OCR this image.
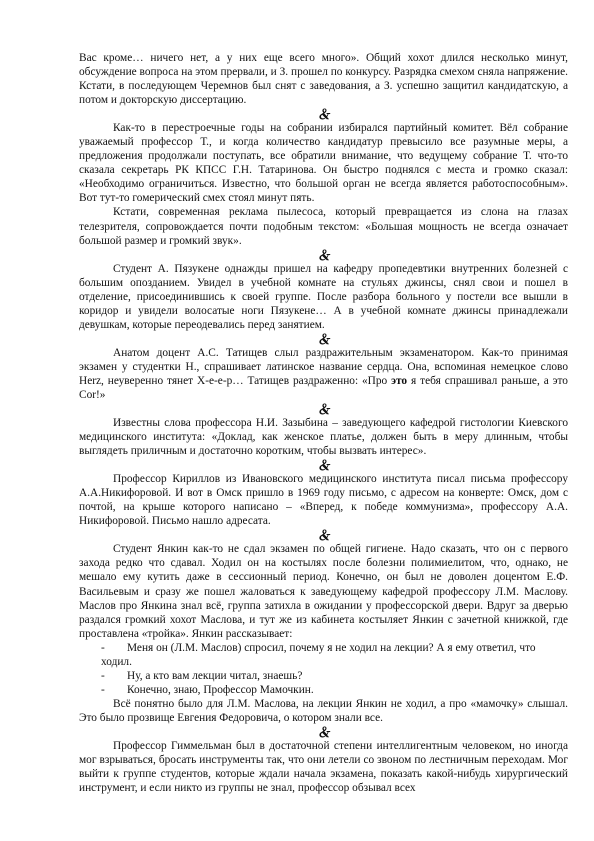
Вас кроме… ничего нет, а у них еще всего много». Общий хохот длился несколько минут, обсуждение вопроса на этом прервали, и З. прошел по конкурсу. Разрядка смехом сняла напряжение. Кстати, в последующем Черемнов был снят с заведования, а З. успешно защитил кандидатскую, а потом и докторскую диссертацию.

Как-то в перестроечные годы на собрании избирался партийный комитет. Вёл собрание уважаемый профессор Т., и когда количество кандидатур превысило все разумные меры, а предложения продолжали поступать, все обратили внимание, что ведущему собрание Т. что-то сказала секретарь РК КПСС Г.Н. Татаринова. Он быстро поднялся с места и громко сказал: «Необходимо ограничиться. Известно, что большой орган не всегда является работоспособным». Вот тут-то гомерический смех стоял минут пять.

Кстати, современная реклама пылесоса, который превращается из слона на глазах телезрителя, сопровождается почти подобным текстом: «Большая мощность не всегда означает большой размер и громкий звук».

Студент А. Пязукене однажды пришел на кафедру пропедевтики внутренних болезней с большим опозданием. Увидел в учебной комнате на стульях джинсы, снял свои и пошел в отделение, присоединившись к своей группе. После разбора больного у постели все вышли в коридор и увидели волосатые ноги Пязукене… А в учебной комнате джинсы принадлежали девушкам, которые переодевались перед занятием.

Анатом доцент А.С. Татищев слыл раздражительным экзаменатором. Как-то принимая экзамен у студентки Н., спрашивает латинское название сердца. Она, вспоминая немецкое слово Herz, неуверенно тянет Х-е-е-р… Татищев раздраженно: «Про это я тебя спрашивал раньше, а это Cor!»

Известны слова профессора Н.И. Зазыбина – заведующего кафедрой гистологии Киевского медицинского института: «Доклад, как женское платье, должен быть в меру длинным, чтобы выглядеть приличным и достаточно коротким, чтобы вызвать интерес».

Профессор Кириллов из Ивановского медицинского института писал письма профессору А.А.Никифоровой. И вот в Омск пришло в 1969 году письмо, с адресом на конверте: Омск, дом с почтой, на крыше которого написано – «Вперед, к победе коммунизма», профессору А.А. Никифоровой. Письмо нашло адресата.

Студент Янкин как-то не сдал экзамен по общей гигиене. Надо сказать, что он с первого захода редко что сдавал. Ходил он на костылях после болезни полимиелитом, что, однако, не мешало ему кутить даже в сессионный период. Конечно, он был не доволен доцентом Е.Ф. Васильевым и сразу же пошел жаловаться к заведующему кафедрой профессору Л.М. Маслову. Маслов про Янкина знал всё, группа затихла в ожидании у профессорской двери. Вдруг за дверью раздался громкий хохот Маслова, и тут же из кабинета костыляет Янкин с зачетной книжкой, где проставлена «тройка». Янкин рассказывает:

- Меня он (Л.М. Маслов) спросил, почему я не ходил на лекции? А я ему ответил, что ходил.
-	Ну, а кто вам лекции читал, знаешь?
-	Конечно, знаю, Профессор Мамочкин.

Всё понятно было для Л.М. Маслова, на лекции Янкин не ходил, а про «мамочку» слышал. Это было прозвище Евгения Федоровича, о котором знали все.

Профессор Гиммельман был в достаточной степени интеллигентным человеком, но иногда мог взрываться, бросать инструменты так, что они летели со звоном по лестничным переходам. Мог выйти к группе студентов, которые ждали начала экзамена, показать какой-нибудь хирургический инструмент, и если никто из группы не знал, профессор обзывал всех
